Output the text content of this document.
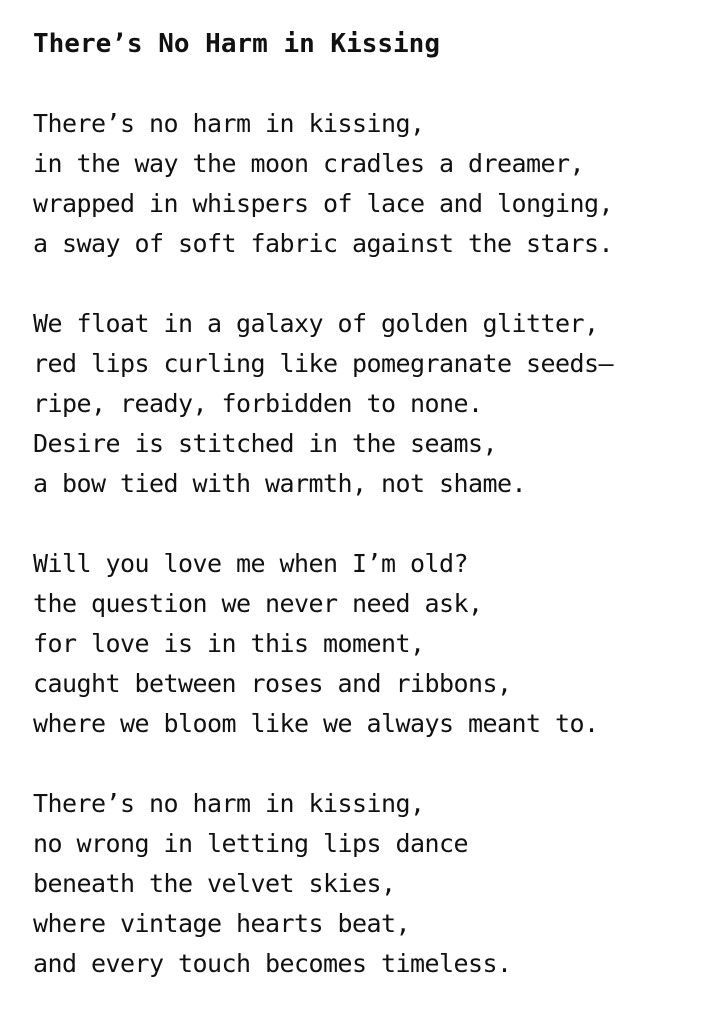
There’s No Harm in Kissing
There’s no harm in kissing,
in the way the moon cradles a dreamer,
wrapped in whispers of lace and longing,
a sway of soft fabric against the stars.
We float in a galaxy of golden glitter,
red lips curling like pomegranate seeds—
ripe, ready, forbidden to none.
Desire is stitched in the seams,
a bow tied with warmth, not shame.
Will you love me when I’m old?
the question we never need ask,
for love is in this moment,
caught between roses and ribbons,
where we bloom like we always meant to.
There’s no harm in kissing,
no wrong in letting lips dance
beneath the velvet skies,
where vintage hearts beat,
and every touch becomes timeless.
